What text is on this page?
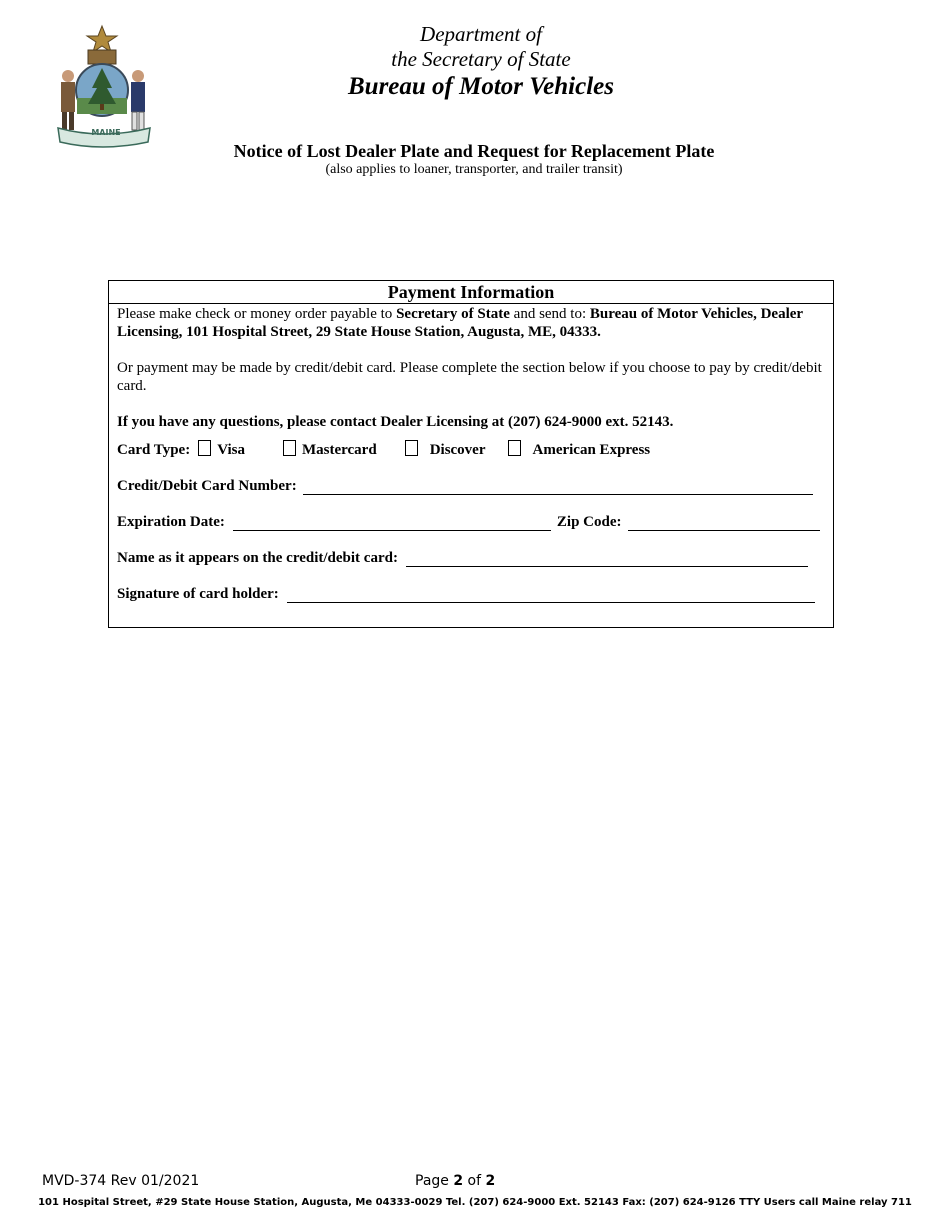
MAINE
Department of
the Secretary of State
Bureau of Motor Vehicles
Notice of Lost Dealer Plate and Request for Replacement Plate
(also applies to loaner, transporter, and trailer transit)
Payment Information

Please make check or money order payable to Secretary of State and send to: Bureau of Motor Vehicles, Dealer Licensing, 101 Hospital Street, 29 State House Station, Augusta, ME, 04333.

Or payment may be made by credit/debit card. Please complete the section below if you choose to pay by credit/debit card.

If you have any questions, please contact Dealer Licensing at (207) 624-9000 ext. 52143.

Card Type: Visa	Mastercard	Discover	American Express
Credit/Debit Card Number:
Expiration Date:	Zip Code:
Name as it appears on the credit/debit card:
Signature of card holder:
MVD-374 Rev 01/2021	Page 2 of 2
101 Hospital Street, #29 State House Station, Augusta, Me 04333-0029 Tel. (207) 624-9000 Ext. 52143 Fax: (207) 624-9126 TTY Users call Maine relay 711
